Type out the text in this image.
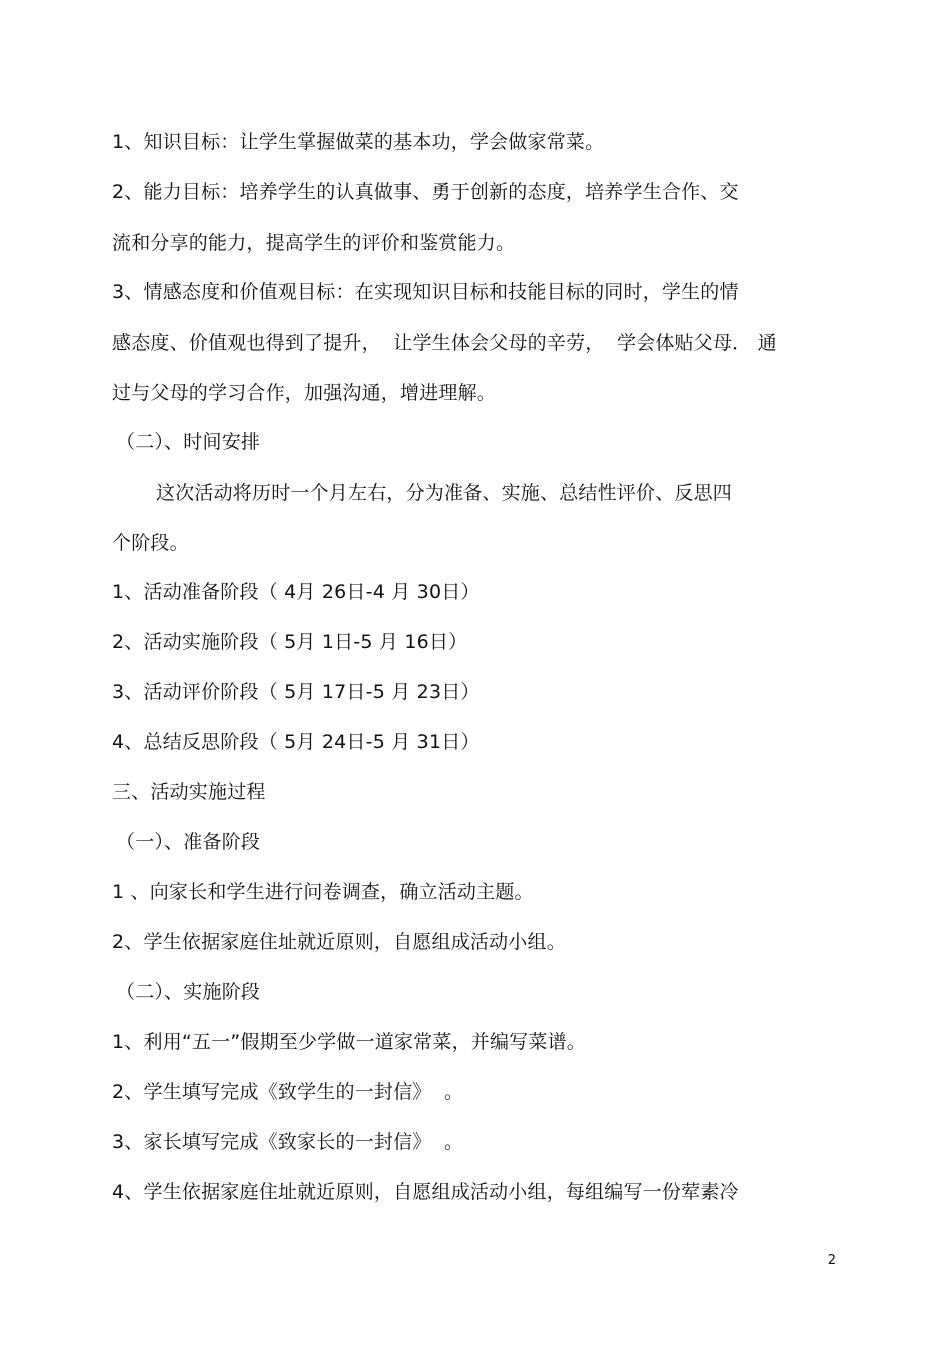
1、知识目标：让学生掌握做菜的基本功，学会做家常菜。
2、能力目标：培养学生的认真做事、勇于创新的态度，培养学生合作、交
流和分享的能力，提高学生的评价和鉴赏能力。
3、情感态度和价值观目标：在实现知识目标和技能目标的同时，学生的情
感态度、价值观也得到了提升，  让学生体会父母的辛劳，  学会体贴父母． 通
过与父母的学习合作，加强沟通，增进理解。
（二）、时间安排
这次活动将历时一个月左右，分为准备、实施、总结性评价、反思四
个阶段。
1、活动准备阶段（ 4月 26日-4 月 30日）
2、活动实施阶段（ 5月 1日-5 月 16日）
3、活动评价阶段（ 5月 17日-5 月 23日）
4、总结反思阶段（ 5月 24日-5 月 31日）
三、活动实施过程
（一）、准备阶段
1 、向家长和学生进行问卷调查，确立活动主题。
2、学生依据家庭住址就近原则，自愿组成活动小组。
（二）、实施阶段
1、利用“五一”假期至少学做一道家常菜，并编写菜谱。
2、学生填写完成《致学生的一封信》  。
3、家长填写完成《致家长的一封信》  。
4、学生依据家庭住址就近原则，自愿组成活动小组，每组编写一份荤素冷
2
